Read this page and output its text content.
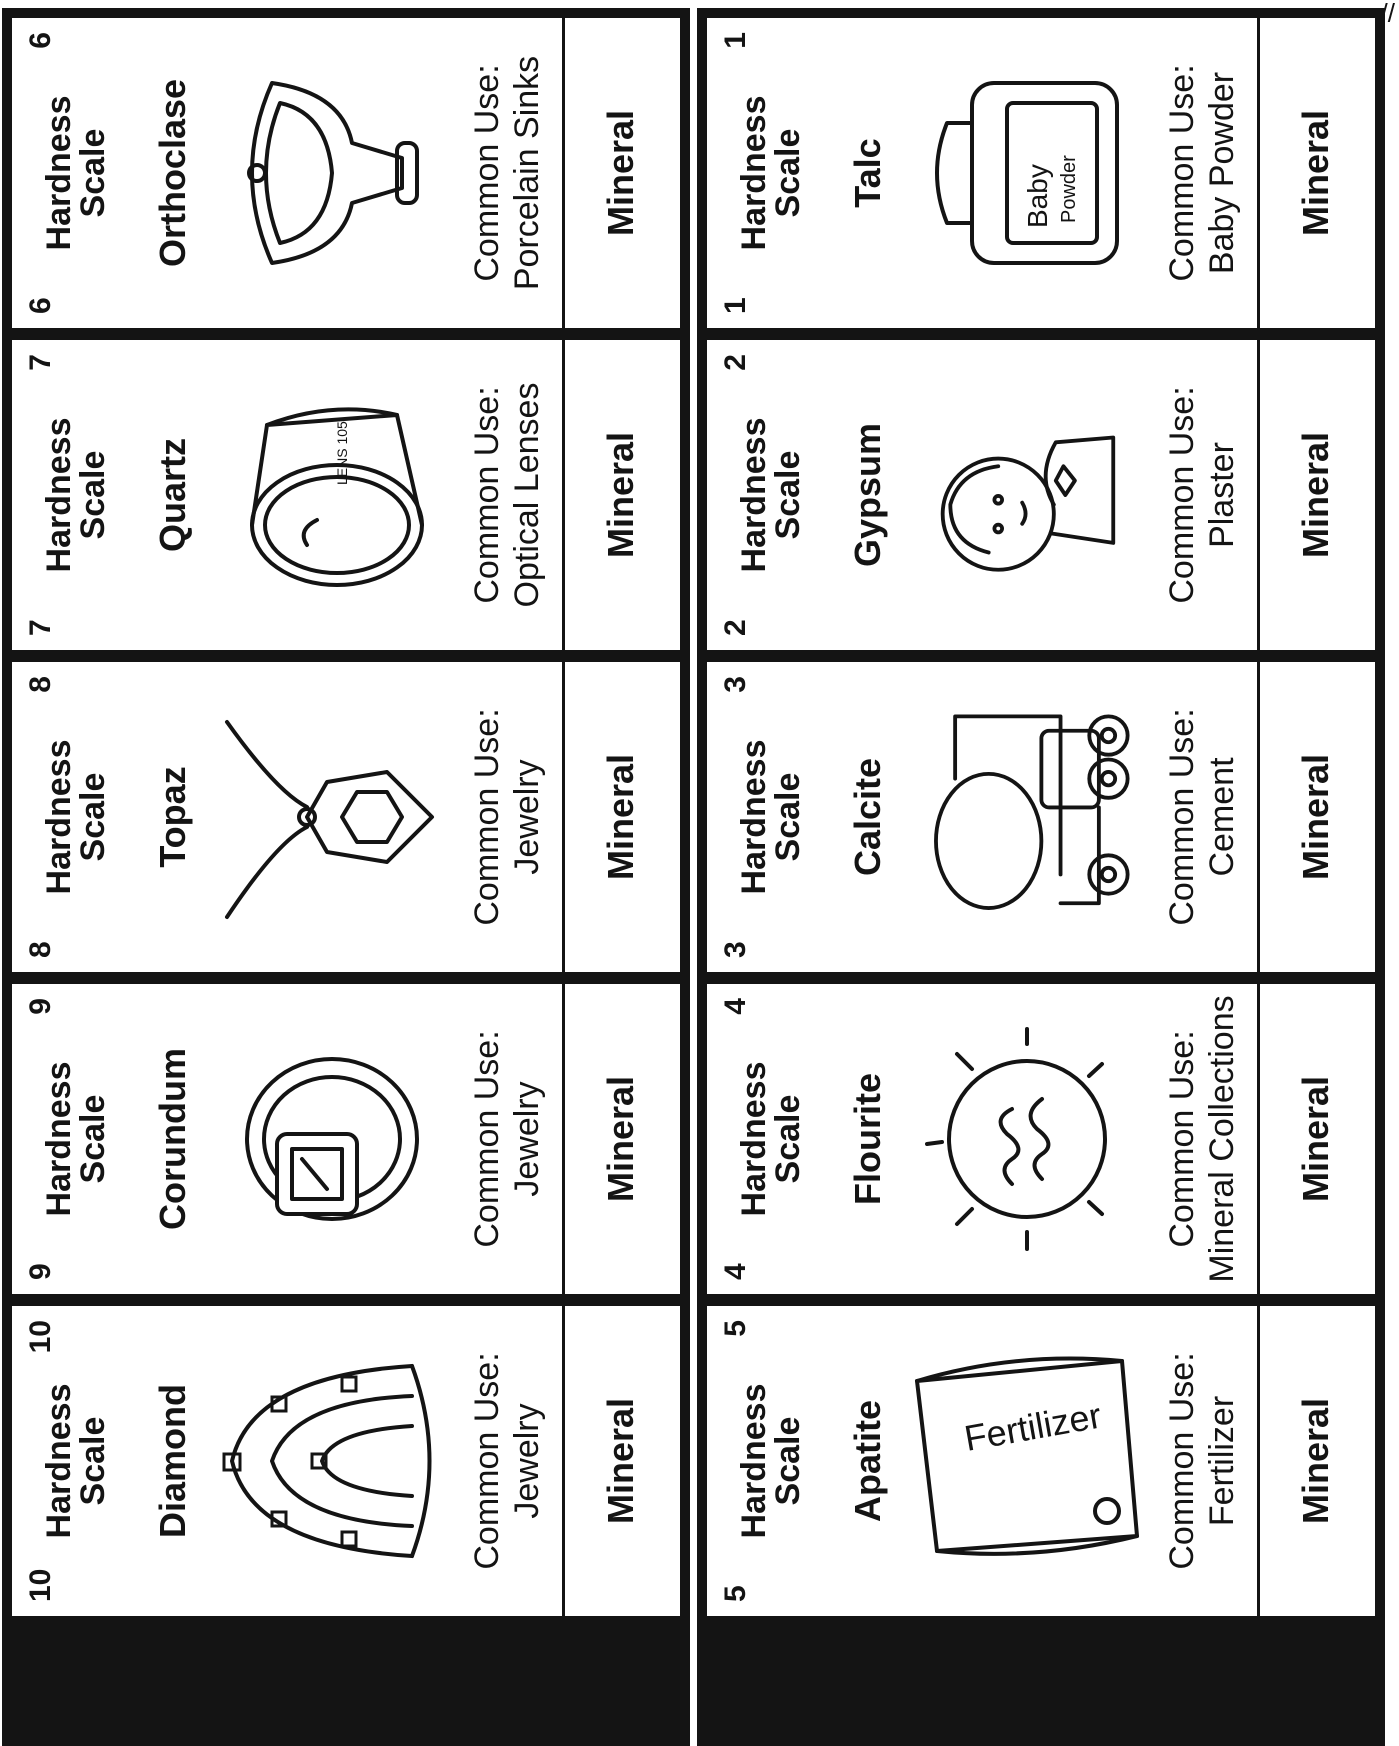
6
6
Hardness
Scale Orthoclase	Common Use: Porcelain Sinks Mineral
7
7
Hardness
Scale Quartz	LENS 105	Common Use: Optical Lenses Mineral
8
8
Hardness
Scale Topaz	Common Use: Jewelry Mineral
9
9
Hardness
Scale Corundum	Common Use: Jewelry Mineral
10
10
Hardness
Scale Diamond	Common Use: Jewelry Mineral
1
1
Hardness
Scale Talc	Baby Powder Common Use: Baby Powder Mineral
2
2
Hardness
Scale Gypsum	Common Use: Plaster Mineral
3
3
Hardness
Scale Calcite	Common Use: Cement Mineral
4
4
Hardness
Scale Flourite	Common Use: Mineral Collections Mineral
5
5
Hardness
Scale Apatite Fertilizer Common Use: Fertilizer Mineral
//
